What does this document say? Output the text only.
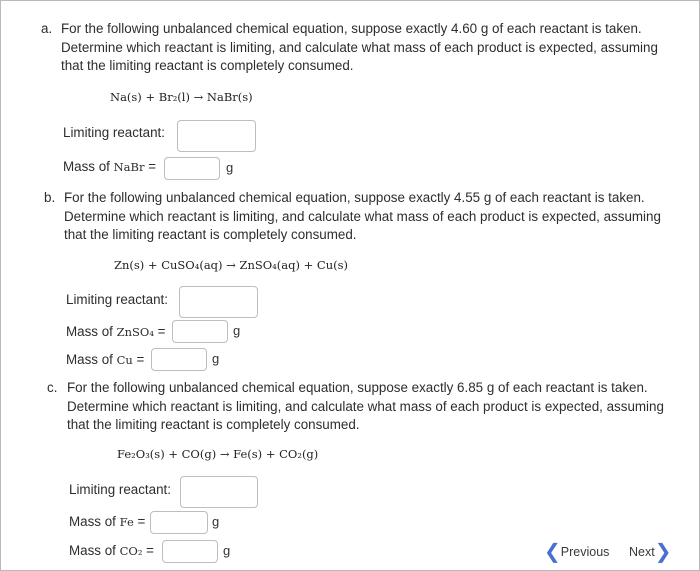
a. For the following unbalanced chemical equation, suppose exactly 4.60 g of each reactant is taken. Determine which reactant is limiting, and calculate what mass of each product is expected, assuming that the limiting reactant is completely consumed.

Na(s) + Br₂(l) → NaBr(s)
Limiting reactant:
Mass of NaBr =	g
b. For the following unbalanced chemical equation, suppose exactly 4.55 g of each reactant is taken. Determine which reactant is limiting, and calculate what mass of each product is expected, assuming that the limiting reactant is completely consumed.

Zn(s) + CuSO₄(aq) → ZnSO₄(aq) + Cu(s)
Limiting reactant:
Mass of ZnSO₄ =	g
Mass of Cu =	g
c. For the following unbalanced chemical equation, suppose exactly 6.85 g of each reactant is taken. Determine which reactant is limiting, and calculate what mass of each product is expected, assuming that the limiting reactant is completely consumed.

Fe₂O₃(s) + CO(g) → Fe(s) + CO₂(g)
Limiting reactant:
Mass of Fe =	g
Mass of CO₂ =	g	❮ Previous Next ❯
